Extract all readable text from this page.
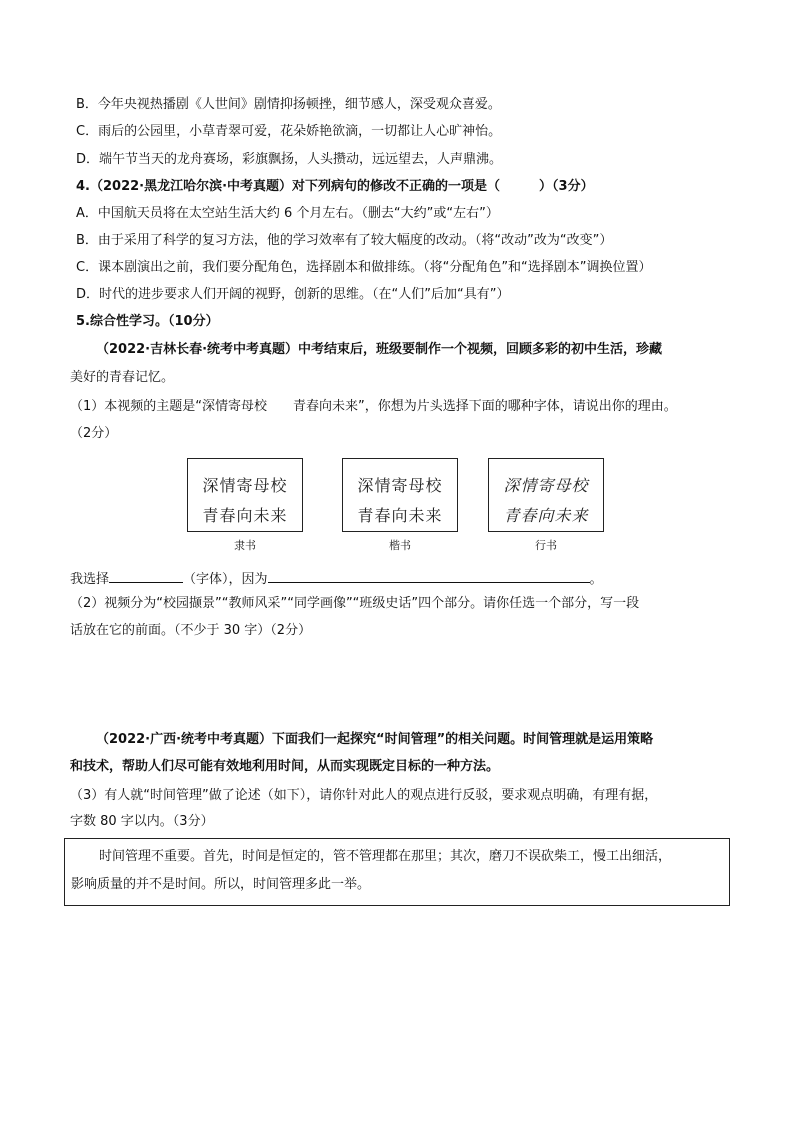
B．今年央视热播剧《人世间》剧情抑扬顿挫，细节感人，深受观众喜爱。
C．雨后的公园里，小草青翠可爱，花朵娇艳欲滴，一切都让人心旷神怡。
D．端午节当天的龙舟赛场，彩旗飘扬，人头攒动，远远望去，人声鼎沸。
4.（2022·黑龙江哈尔滨·中考真题）对下列病句的修改不正确的一项是（　　　）（3分）
A．中国航天员将在太空站生活大约 6 个月左右。（删去“大约”或“左右”）
B．由于采用了科学的复习方法，他的学习效率有了较大幅度的改动。（将“改动”改为“改变”）
C．课本剧演出之前，我们要分配角色，选择剧本和做排练。（将“分配角色”和“选择剧本”调换位置）
D．时代的进步要求人们开阔的视野，创新的思维。（在“人们”后加“具有”）
5.综合性学习。（10分）
（2022·吉林长春·统考中考真题）中考结束后，班级要制作一个视频，回顾多彩的初中生活，珍藏
美好的青春记忆。
（1）本视频的主题是“深情寄母校　　青春向未来”，你想为片头选择下面的哪种字体，请说出你的理由。
（2分）
深情寄母校
青春向未来
隶书
深情寄母校
青春向未来
楷书
深情寄母校
青春向未来
行书
我选择	（字体），因为	。
（2）视频分为“校园撷景”“教师风采”“同学画像”“班级史话”四个部分。请你任选一个部分，写一段
话放在它的前面。（不少于 30 字）（2分）
（2022·广西·统考中考真题）下面我们一起探究“时间管理”的相关问题。时间管理就是运用策略
和技术，帮助人们尽可能有效地利用时间，从而实现既定目标的一种方法。
（3）有人就“时间管理”做了论述（如下），请你针对此人的观点进行反驳，要求观点明确，有理有据，
字数 80 字以内。（3分）
时间管理不重要。首先，时间是恒定的，管不管理都在那里；其次，磨刀不误砍柴工，慢工出细活，
影响质量的并不是时间。所以，时间管理多此一举。
